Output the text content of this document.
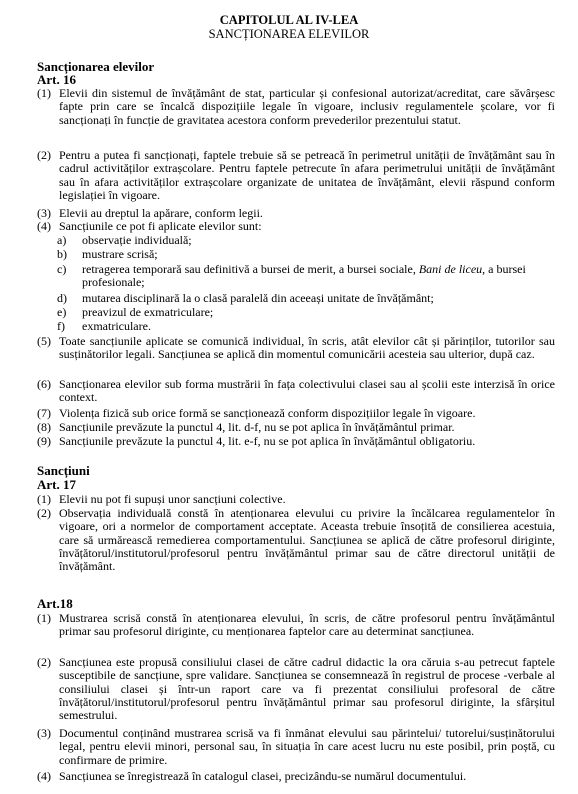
CAPITOLUL AL IV-LEA
SANCȚIONAREA ELEVILOR
Sancționarea elevilor
Art. 16
(1) Elevii din sistemul de învățământ de stat, particular și confesional autorizat/acreditat, care săvârșesc fapte prin care se încalcă dispozițiile legale în vigoare, inclusiv regulamentele școlare, vor fi sancționați în funcție de gravitatea acestora conform prevederilor prezentului statut.
(2) Pentru a putea fi sancționați, faptele trebuie să se petreacă în perimetrul unității de învățământ sau în cadrul activităților extrașcolare. Pentru faptele petrecute în afara perimetrului unității de învățământ sau în afara activităților extrașcolare organizate de unitatea de învățământ, elevii răspund conform legislației în vigoare.
(3) Elevii au dreptul la apărare, conform legii.
(4) Sancțiunile ce pot fi aplicate elevilor sunt:
a) observație individuală;
b) mustrare scrisă;
c) retragerea temporară sau definitivă a bursei de merit, a bursei sociale, Bani de liceu, a bursei profesionale;
d) mutarea disciplinară la o clasă paralelă din aceeași unitate de învățământ;
e) preavizul de exmatriculare;
f) exmatriculare.
(5) Toate sancțiunile aplicate se comunică individual, în scris, atât elevilor cât și părinților, tutorilor sau susținătorilor legali. Sancțiunea se aplică din momentul comunicării acesteia sau ulterior, după caz.
(6) Sancționarea elevilor sub forma mustrării în fața colectivului clasei sau al școlii este interzisă în orice context.
(7) Violența fizică sub orice formă se sancționează conform dispozițiilor legale în vigoare.
(8) Sancțiunile prevăzute la punctul 4, lit. d-f, nu se pot aplica în învățământul primar.
(9) Sancțiunile prevăzute la punctul 4, lit. e-f, nu se pot aplica în învățământul obligatoriu.
Sancțiuni
Art. 17
(1) Elevii nu pot fi supuși unor sancțiuni colective.
(2) Observația individuală constă în atenționarea elevului cu privire la încălcarea regulamentelor în vigoare, ori a normelor de comportament acceptate. Aceasta trebuie însoțită de consilierea acestuia, care să urmărească remedierea comportamentului. Sancțiunea se aplică de către profesorul diriginte, învățătorul/institutorul/profesorul pentru învățământul primar sau de către directorul unității de învățământ.
Art.18
(1) Mustrarea scrisă constă în atenționarea elevului, în scris, de către profesorul pentru învățământul primar sau profesorul diriginte, cu menționarea faptelor care au determinat sancțiunea.
(2) Sancțiunea este propusă consiliului clasei de către cadrul didactic la ora căruia s-au petrecut faptele susceptibile de sancțiune, spre validare. Sancțiunea se consemnează în registrul de procese -verbale al consiliului clasei și într-un raport care va fi prezentat consiliului profesoral de către învățătorul/institutorul/profesorul pentru învățământul primar sau profesorul diriginte, la sfârșitul semestrului.
(3) Documentul conținând mustrarea scrisă va fi înmânat elevului sau părintelui/ tutorelui/susținătorului legal, pentru elevii minori, personal sau, în situația în care acest lucru nu este posibil, prin poștă, cu confirmare de primire.
(4) Sancțiunea se înregistrează în catalogul clasei, precizându-se numărul documentului.
